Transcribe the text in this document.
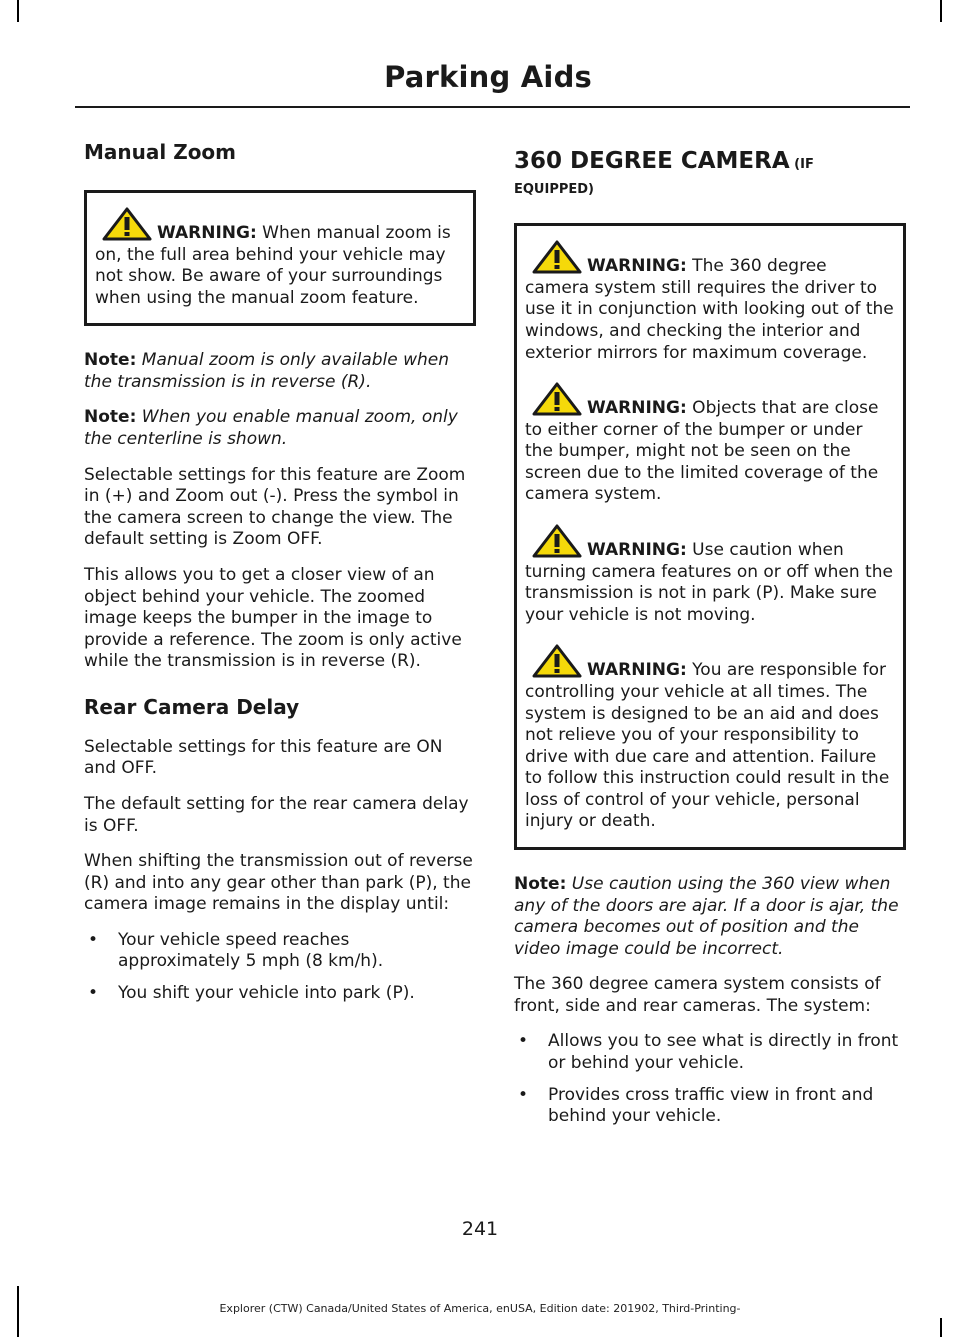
Parking Aids
Manual Zoom

WARNING: When manual zoom is on, the full area behind your vehicle may not show. Be aware of your surroundings when using the manual zoom feature.

Note: Manual zoom is only available when the transmission is in reverse (R).

Note: When you enable manual zoom, only the centerline is shown.

Selectable settings for this feature are Zoom in (+) and Zoom out (-). Press the symbol in the camera screen to change the view. The default setting is Zoom OFF.

This allows you to get a closer view of an object behind your vehicle. The zoomed image keeps the bumper in the image to provide a reference. The zoom is only active while the transmission is in reverse (R).

Rear Camera Delay

Selectable settings for this feature are ON and OFF.

The default setting for the rear camera delay is OFF.

When shifting the transmission out of reverse (R) and into any gear other than park (P), the camera image remains in the display until:

• Your vehicle speed reaches approximately 5 mph (8 km/h).
• You shift your vehicle into park (P).
360 DEGREE CAMERA (IF
EQUIPPED)

WARNING: The 360 degree camera system still requires the driver to use it in conjunction with looking out of the windows, and checking the interior and exterior mirrors for maximum coverage.

WARNING: Objects that are close to either corner of the bumper or under the bumper, might not be seen on the screen due to the limited coverage of the camera system.

WARNING: Use caution when turning camera features on or off when the transmission is not in park (P). Make sure your vehicle is not moving.

WARNING: You are responsible for controlling your vehicle at all times. The system is designed to be an aid and does not relieve you of your responsibility to drive with due care and attention. Failure to follow this instruction could result in the loss of control of your vehicle, personal injury or death.

Note: Use caution using the 360 view when any of the doors are ajar. If a door is ajar, the camera becomes out of position and the video image could be incorrect.

The 360 degree camera system consists of front, side and rear cameras. The system:

• Allows you to see what is directly in front or behind your vehicle.
• Provides cross traffic view in front and behind your vehicle.
241
Explorer (CTW) Canada/United States of America, enUSA, Edition date: 201902, Third-Printing-
